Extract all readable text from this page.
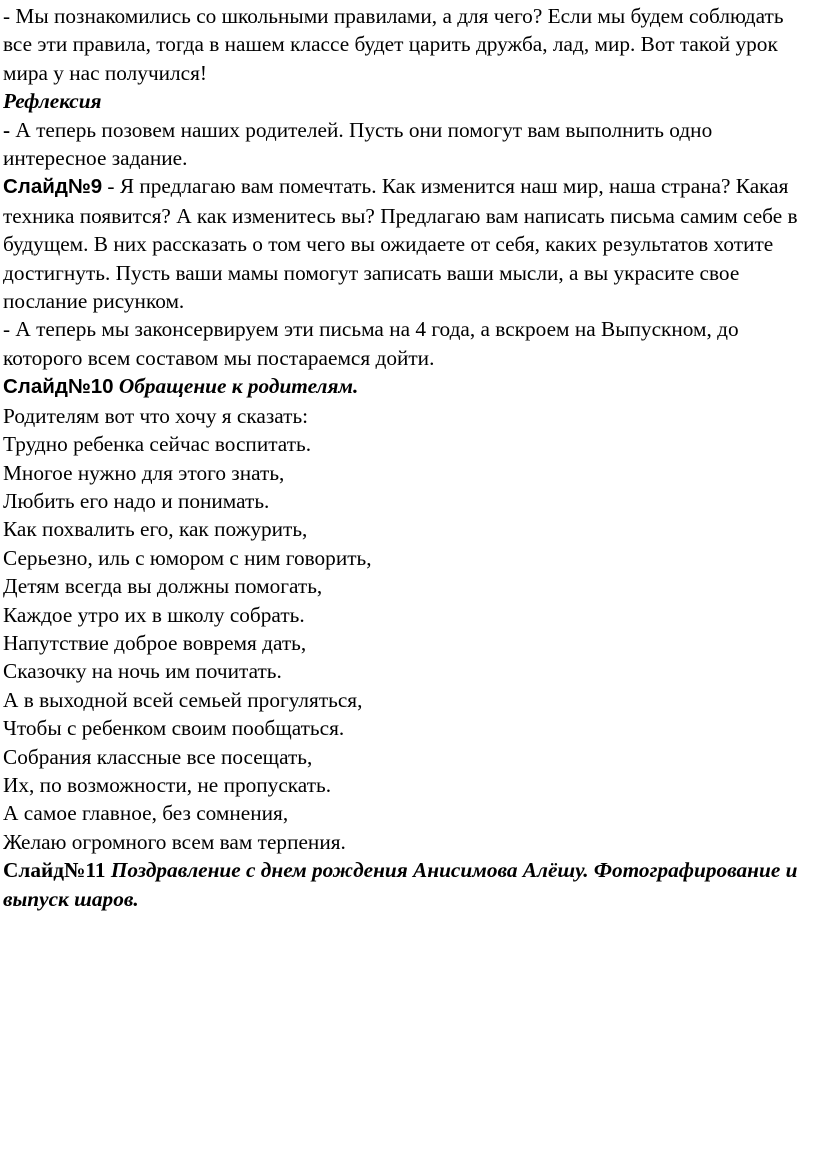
- Мы познакомились со школьными правилами, а для чего? Если мы будем соблюдать все эти правила, тогда в нашем классе будет царить дружба, лад, мир. Вот такой урок мира у нас получился!

Рефлексия

- А теперь позовем наших родителей. Пусть они помогут вам выполнить одно интересное задание.

Слайд№9 - Я предлагаю вам помечтать. Как изменится наш мир, наша страна? Какая техника появится? А как изменитесь вы? Предлагаю вам написать письма самим себе в будущем. В них рассказать о том чего вы ожидаете от себя, каких результатов хотите достигнуть. Пусть ваши мамы помогут записать ваши мысли, а вы украсите свое послание рисунком.

- А теперь мы законсервируем эти письма на 4 года, а вскроем на Выпускном, до которого всем составом мы постараемся дойти.

Слайд№10 Обращение к родителям.

Родителям вот что хочу я сказать:
Трудно ребенка сейчас воспитать.
Многое нужно для этого знать,
Любить его надо и понимать.
Как похвалить его, как пожурить,
Серьезно, иль с юмором с ним говорить,
Детям всегда вы должны помогать,
Каждое утро их в школу собрать.
Напутствие доброе вовремя дать,
Сказочку на ночь им почитать.
А в выходной всей семьей прогуляться,
Чтобы с ребенком своим пообщаться.
Собрания классные все посещать,
Их, по возможности, не пропускать.
А самое главное, без сомнения,
Желаю огромного всем вам терпения.

Слайд№11 Поздравление с днем рождения Анисимова Алёшу. Фотографирование и выпуск шаров.
